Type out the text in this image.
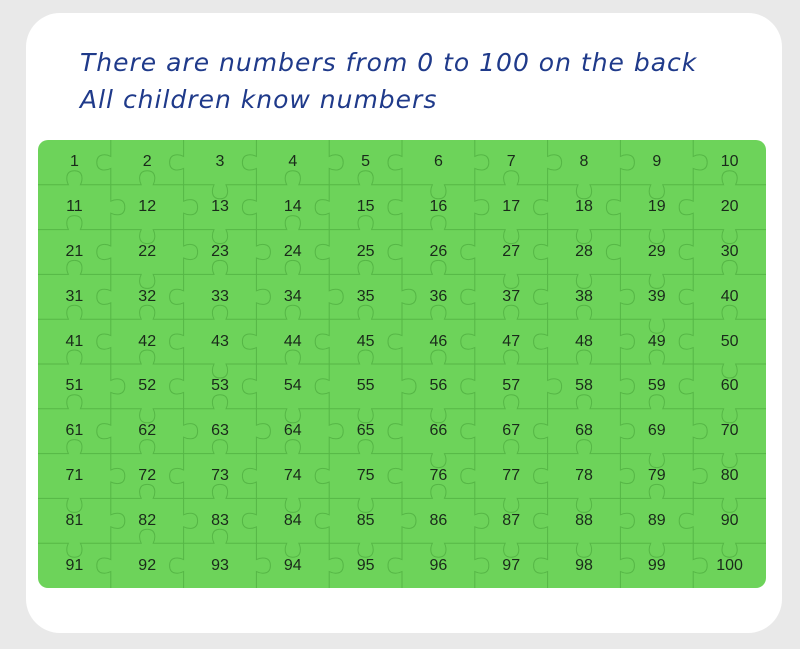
There are numbers from 0 to 100 on the back
All children know numbers
1	2	3	4	5	6	7	8	9	10
11	12	13	14	15	16	17	18	19	20
21	22	23	24	25	26	27	28	29	30
31	32	33	34	35	36	37	38	39	40
41	42	43	44	45	46	47	48	49	50
51	52	53	54	55	56	57	58	59	60
61	62	63	64	65	66	67	68	69	70
71	72	73	74	75	76	77	78	79	80
81	82	83	84	85	86	87	88	89	90
91	92	93	94	95	96	97	98	99	100
